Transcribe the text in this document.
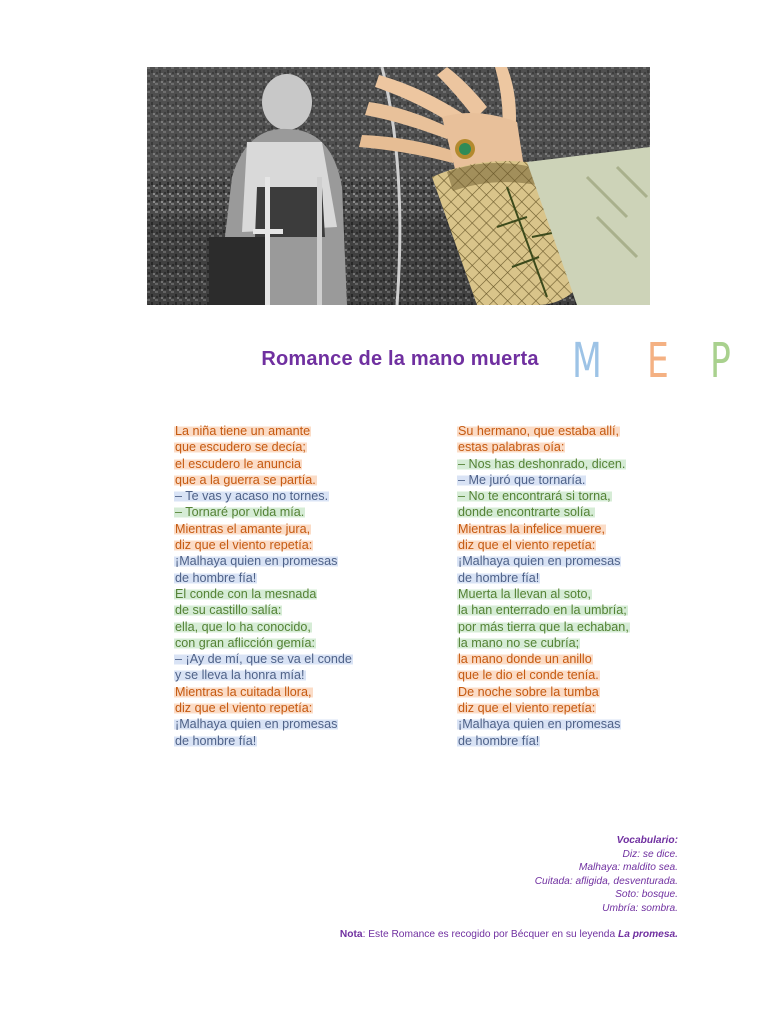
Romance de la mano muerta M E P
La niña tiene un amante
que escudero se decía;
el escudero le anuncia
que a la guerra se partía.
– Te vas y acaso no tornes.
– Tornaré por vida mía.
Mientras el amante jura,
diz que el viento repetía:
¡Malhaya quien en promesas
de hombre fía!
El conde con la mesnada
de su castillo salía:
ella, que lo ha conocido,
con gran aflicción gemía:
– ¡Ay de mí, que se va el conde
y se lleva la honra mía!
Mientras la cuitada llora,
diz que el viento repetía:
¡Malhaya quien en promesas
de hombre fía!
Su hermano, que estaba allí,
estas palabras oía:
– Nos has deshonrado, dicen.
– Me juró que tornaría.
– No te encontrará si torna,
donde encontrarte solía.
Mientras la infelice muere,
diz que el viento repetía:
¡Malhaya quien en promesas
de hombre fía!
Muerta la llevan al soto,
la han enterrado en la umbría;
por más tierra que la echaban,
la mano no se cubría;
la mano donde un anillo
que le dio el conde tenía.
De noche sobre la tumba
diz que el viento repetía:
¡Malhaya quien en promesas
de hombre fía!
Vocabulario:
Diz: se dice.
Malhaya: maldito sea.
Cuitada: afligida, desventurada.
Soto: bosque.
Umbría: sombra.
Nota: Este Romance es recogido por Bécquer en su leyenda La promesa.
